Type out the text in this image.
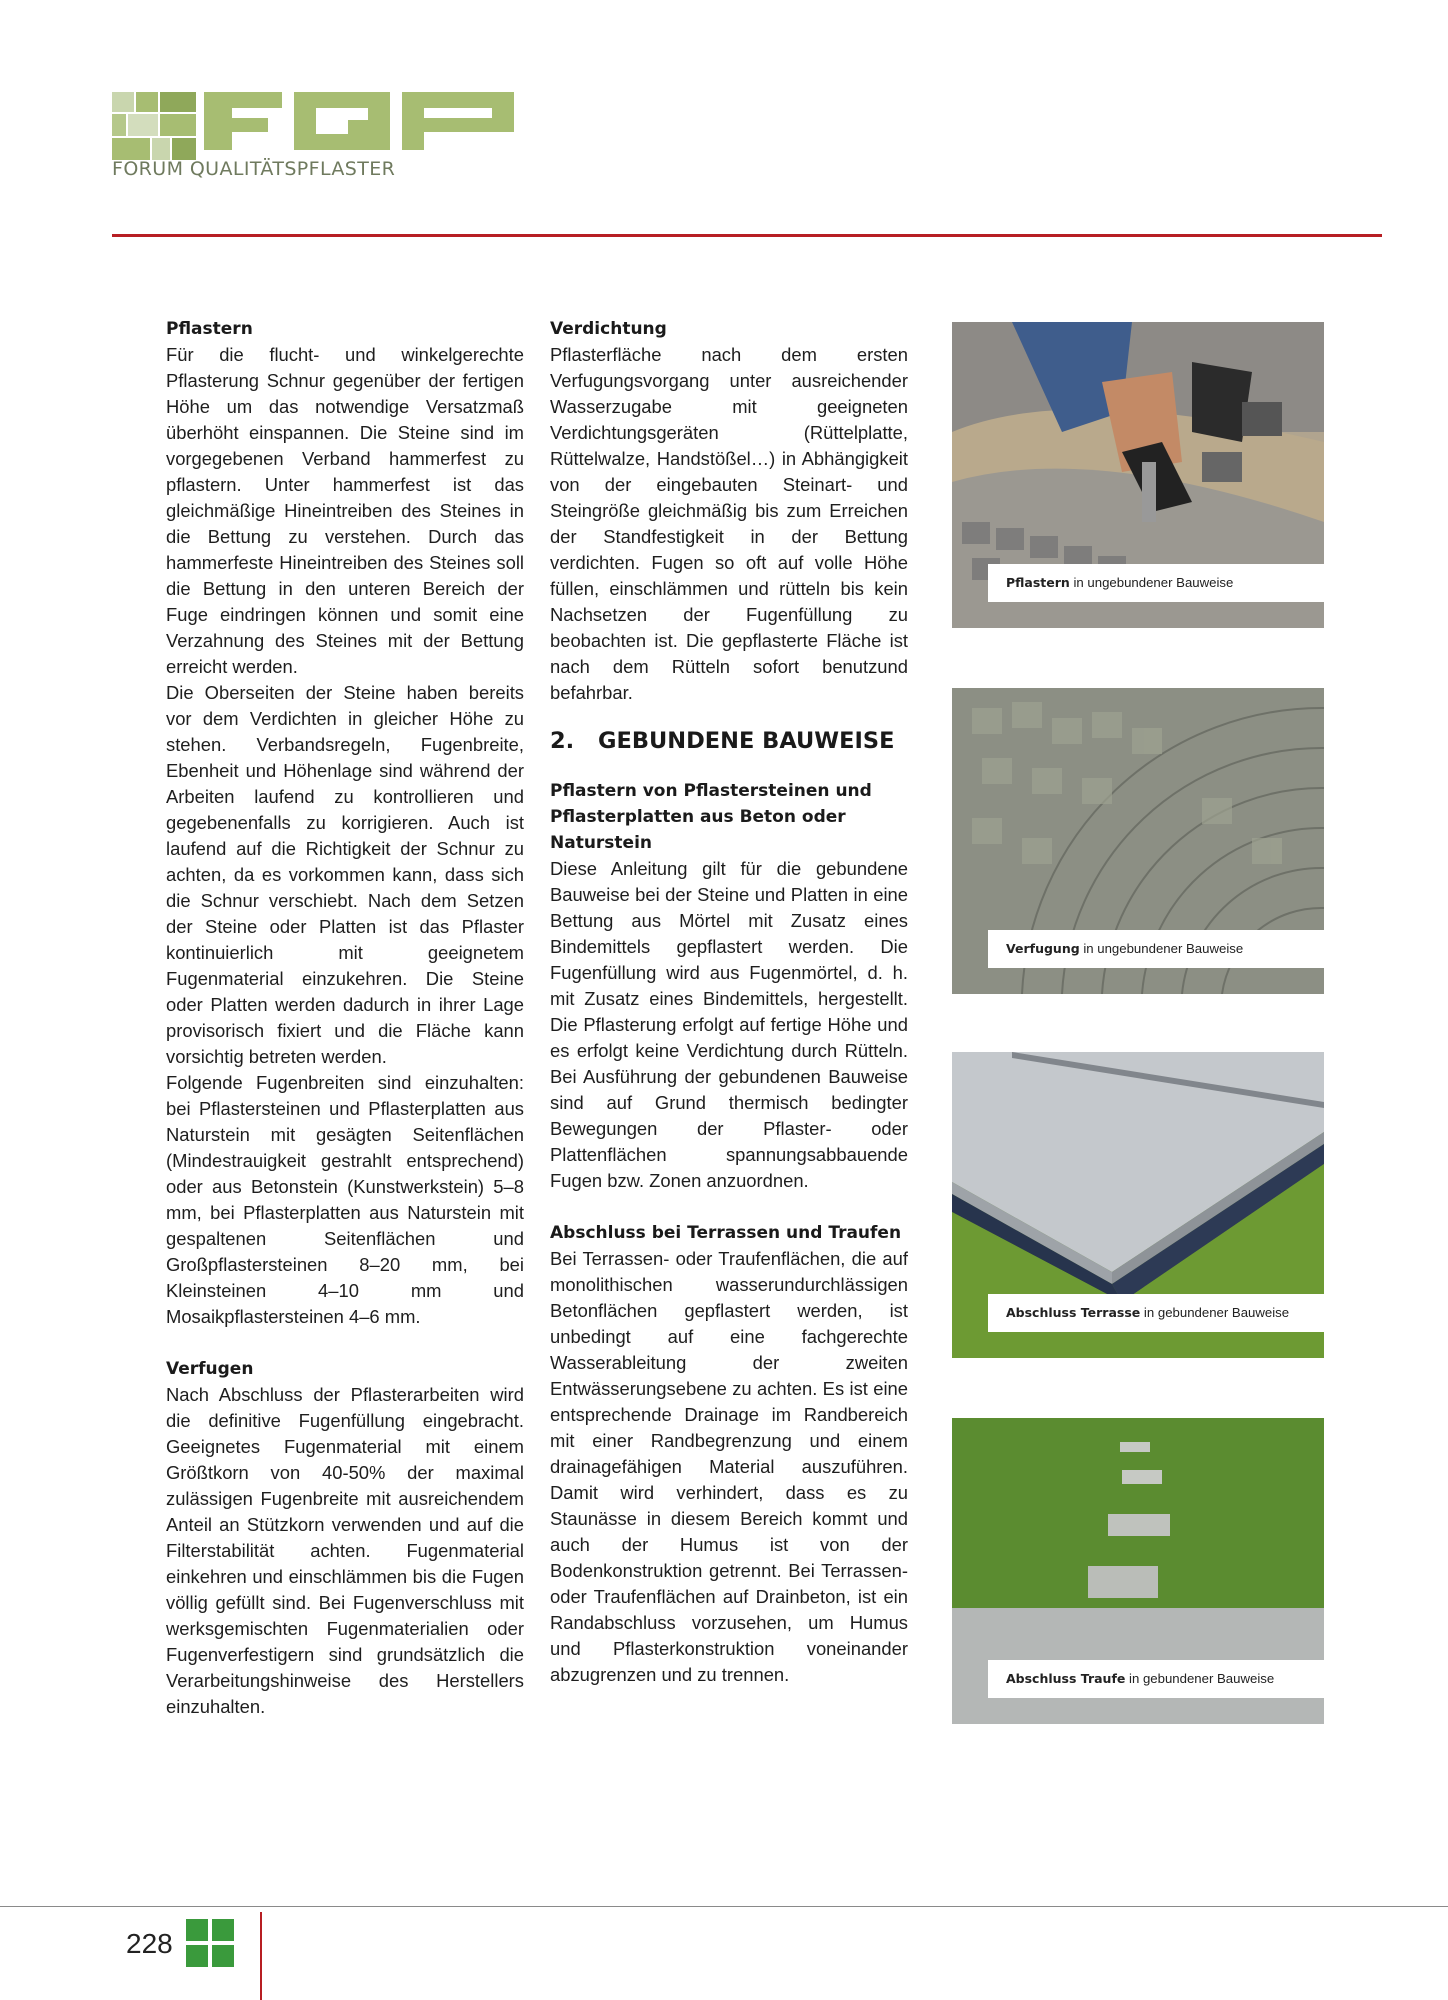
FORUM QUALITÄTSPFLASTER
Pflastern

Für die flucht- und winkelgerechte Pflasterung Schnur gegenüber der fertigen Höhe um das notwendige Versatzmaß überhöht einspannen. Die Steine sind im vorgegebenen Verband hammerfest zu pflastern. Unter hammerfest ist das gleichmäßige Hineintreiben des Steines in die Bettung zu verstehen. Durch das hammerfeste Hineintreiben des Steines soll die Bettung in den unteren Bereich der Fuge eindringen können und somit eine Verzahnung des Steines mit der Bettung erreicht werden.

Die Oberseiten der Steine haben bereits vor dem Verdichten in gleicher Höhe zu stehen. Verbandsregeln, Fugenbreite, Ebenheit und Höhenlage sind während der Arbeiten laufend zu kontrollieren und gegebenenfalls zu korrigieren. Auch ist laufend auf die Richtigkeit der Schnur zu achten, da es vorkommen kann, dass sich die Schnur verschiebt. Nach dem Setzen der Steine oder Platten ist das Pflaster kontinuierlich mit geeignetem Fugenmaterial einzukehren. Die Steine oder Platten werden dadurch in ihrer Lage provisorisch fixiert und die Fläche kann vorsichtig betreten werden.

Folgende Fugenbreiten sind einzuhalten: bei Pflastersteinen und Pflasterplatten aus Naturstein mit gesägten Seitenflächen (Mindestrauigkeit gestrahlt entsprechend) oder aus Betonstein (Kunstwerkstein) 5–8 mm, bei Pflasterplatten aus Naturstein mit gespaltenen Seitenflächen und Großpflastersteinen 8–20 mm, bei Kleinsteinen 4–10 mm und Mosaikpflastersteinen 4–6 mm.

Verfugen

Nach Abschluss der Pflasterarbeiten wird die definitive Fugenfüllung eingebracht. Geeignetes Fugenmaterial mit einem Größtkorn von 40-50% der maximal zulässigen Fugenbreite mit ausreichendem Anteil an Stützkorn verwenden und auf die Filterstabilität achten. Fugenmaterial einkehren und einschlämmen bis die Fugen völlig gefüllt sind. Bei Fugenverschluss mit werksgemischten Fugenmaterialien oder Fugenverfestigern sind grundsätzlich die Verarbeitungshinweise des Herstellers einzuhalten.

Verdichtung

Pflasterfläche nach dem ersten Verfugungsvorgang unter ausreichender Wasserzugabe mit geeigneten Verdichtungsgeräten (Rüttelplatte, Rüttelwalze, Handstößel…) in Abhängigkeit von der eingebauten Steinart- und Steingröße gleichmäßig bis zum Erreichen der Standfestigkeit in der Bettung verdichten. Fugen so oft auf volle Höhe füllen, einschlämmen und rütteln bis kein Nachsetzen der Fugenfüllung zu beobachten ist. Die gepflasterte Fläche ist nach dem Rütteln sofort benutzund befahrbar.

2. GEBUNDENE BAUWEISE
Pflastern von Pflastersteinen und Pflasterplatten aus Beton oder Naturstein

Diese Anleitung gilt für die gebundene Bauweise bei der Steine und Platten in eine Bettung aus Mörtel mit Zusatz eines Bindemittels gepflastert werden. Die Fugenfüllung wird aus Fugenmörtel, d. h. mit Zusatz eines Bindemittels, hergestellt. Die Pflasterung erfolgt auf fertige Höhe und es erfolgt keine Verdichtung durch Rütteln. Bei Ausführung der gebundenen Bauweise sind auf Grund thermisch bedingter Bewegungen der Pflaster- oder Plattenflächen spannungsabbauende Fugen bzw. Zonen anzuordnen.

Abschluss bei Terrassen und Traufen

Bei Terrassen- oder Traufenflächen, die auf monolithischen wasserundurchlässigen Betonflächen gepflastert werden, ist unbedingt auf eine fachgerechte Wasserableitung der zweiten Entwässerungsebene zu achten. Es ist eine entsprechende Drainage im Randbereich mit einer Randbegrenzung und einem drainagefähigen Material auszuführen. Damit wird verhindert, dass es zu Staunässe in diesem Bereich kommt und auch der Humus ist von der Bodenkonstruktion getrennt. Bei Terrassen- oder Traufenflächen auf Drainbeton, ist ein Randabschluss vorzusehen, um Humus und Pflasterkonstruktion voneinander abzugrenzen und zu trennen.

Pflastern in ungebundener Bauweise
Verfugung in ungebundener Bauweise
Abschluss Terrasse in gebundener Bauweise
Abschluss Traufe in gebundener Bauweise
228
